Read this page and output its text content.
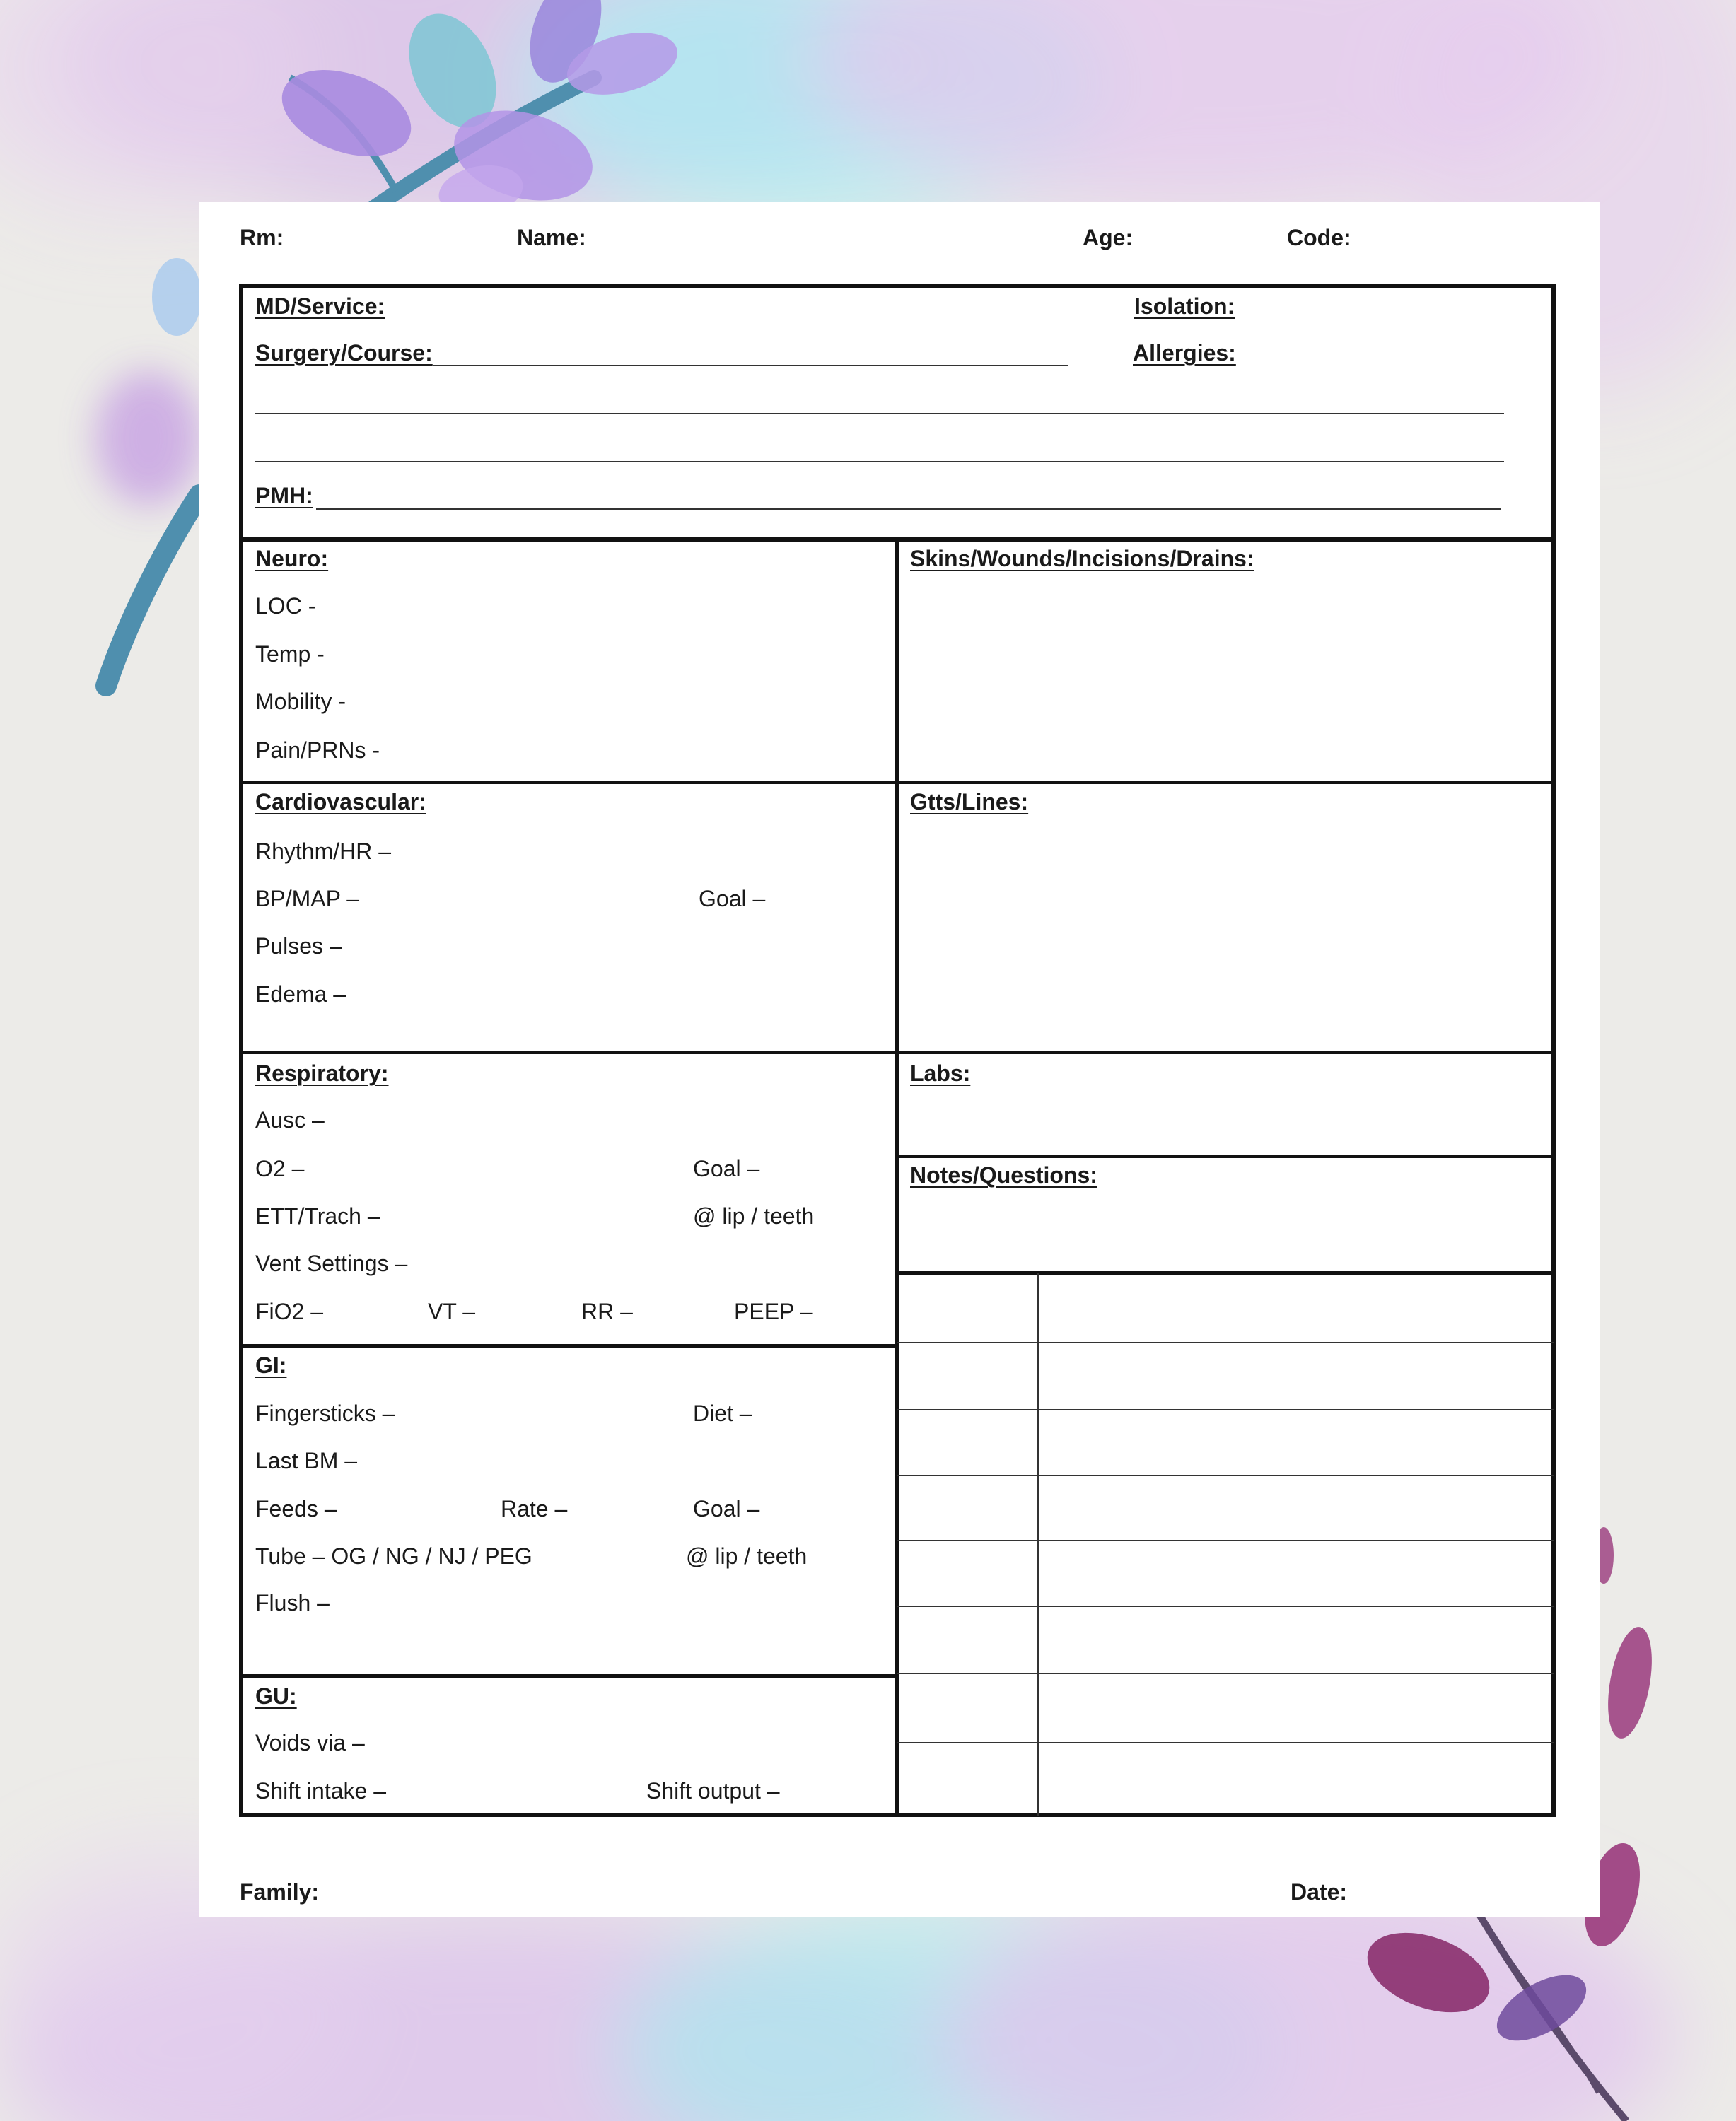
Rm:	Name:	Age:	Code:
MD/Service:	Isolation:
Surgery/Course:	Allergies:
PMH:
Neuro:
LOC -
Temp -
Mobility -
Pain/PRNs -
Skins/Wounds/Incisions/Drains:
Cardiovascular:
Rhythm/HR –
BP/MAP –	Goal –
Pulses –
Edema –
Gtts/Lines:
Respiratory:
Ausc –
O2 –	Goal –
ETT/Trach –	@ lip / teeth
Vent Settings –
FiO2 –	VT –	RR –	PEEP –
Labs:
Notes/Questions:
GI:
Fingersticks –	Diet –
Last BM –
Feeds –	Rate –	Goal –
Tube – OG / NG / NJ / PEG	@ lip / teeth
Flush –
GU:
Voids via –
Shift intake –	Shift output –
Family:	Date:
